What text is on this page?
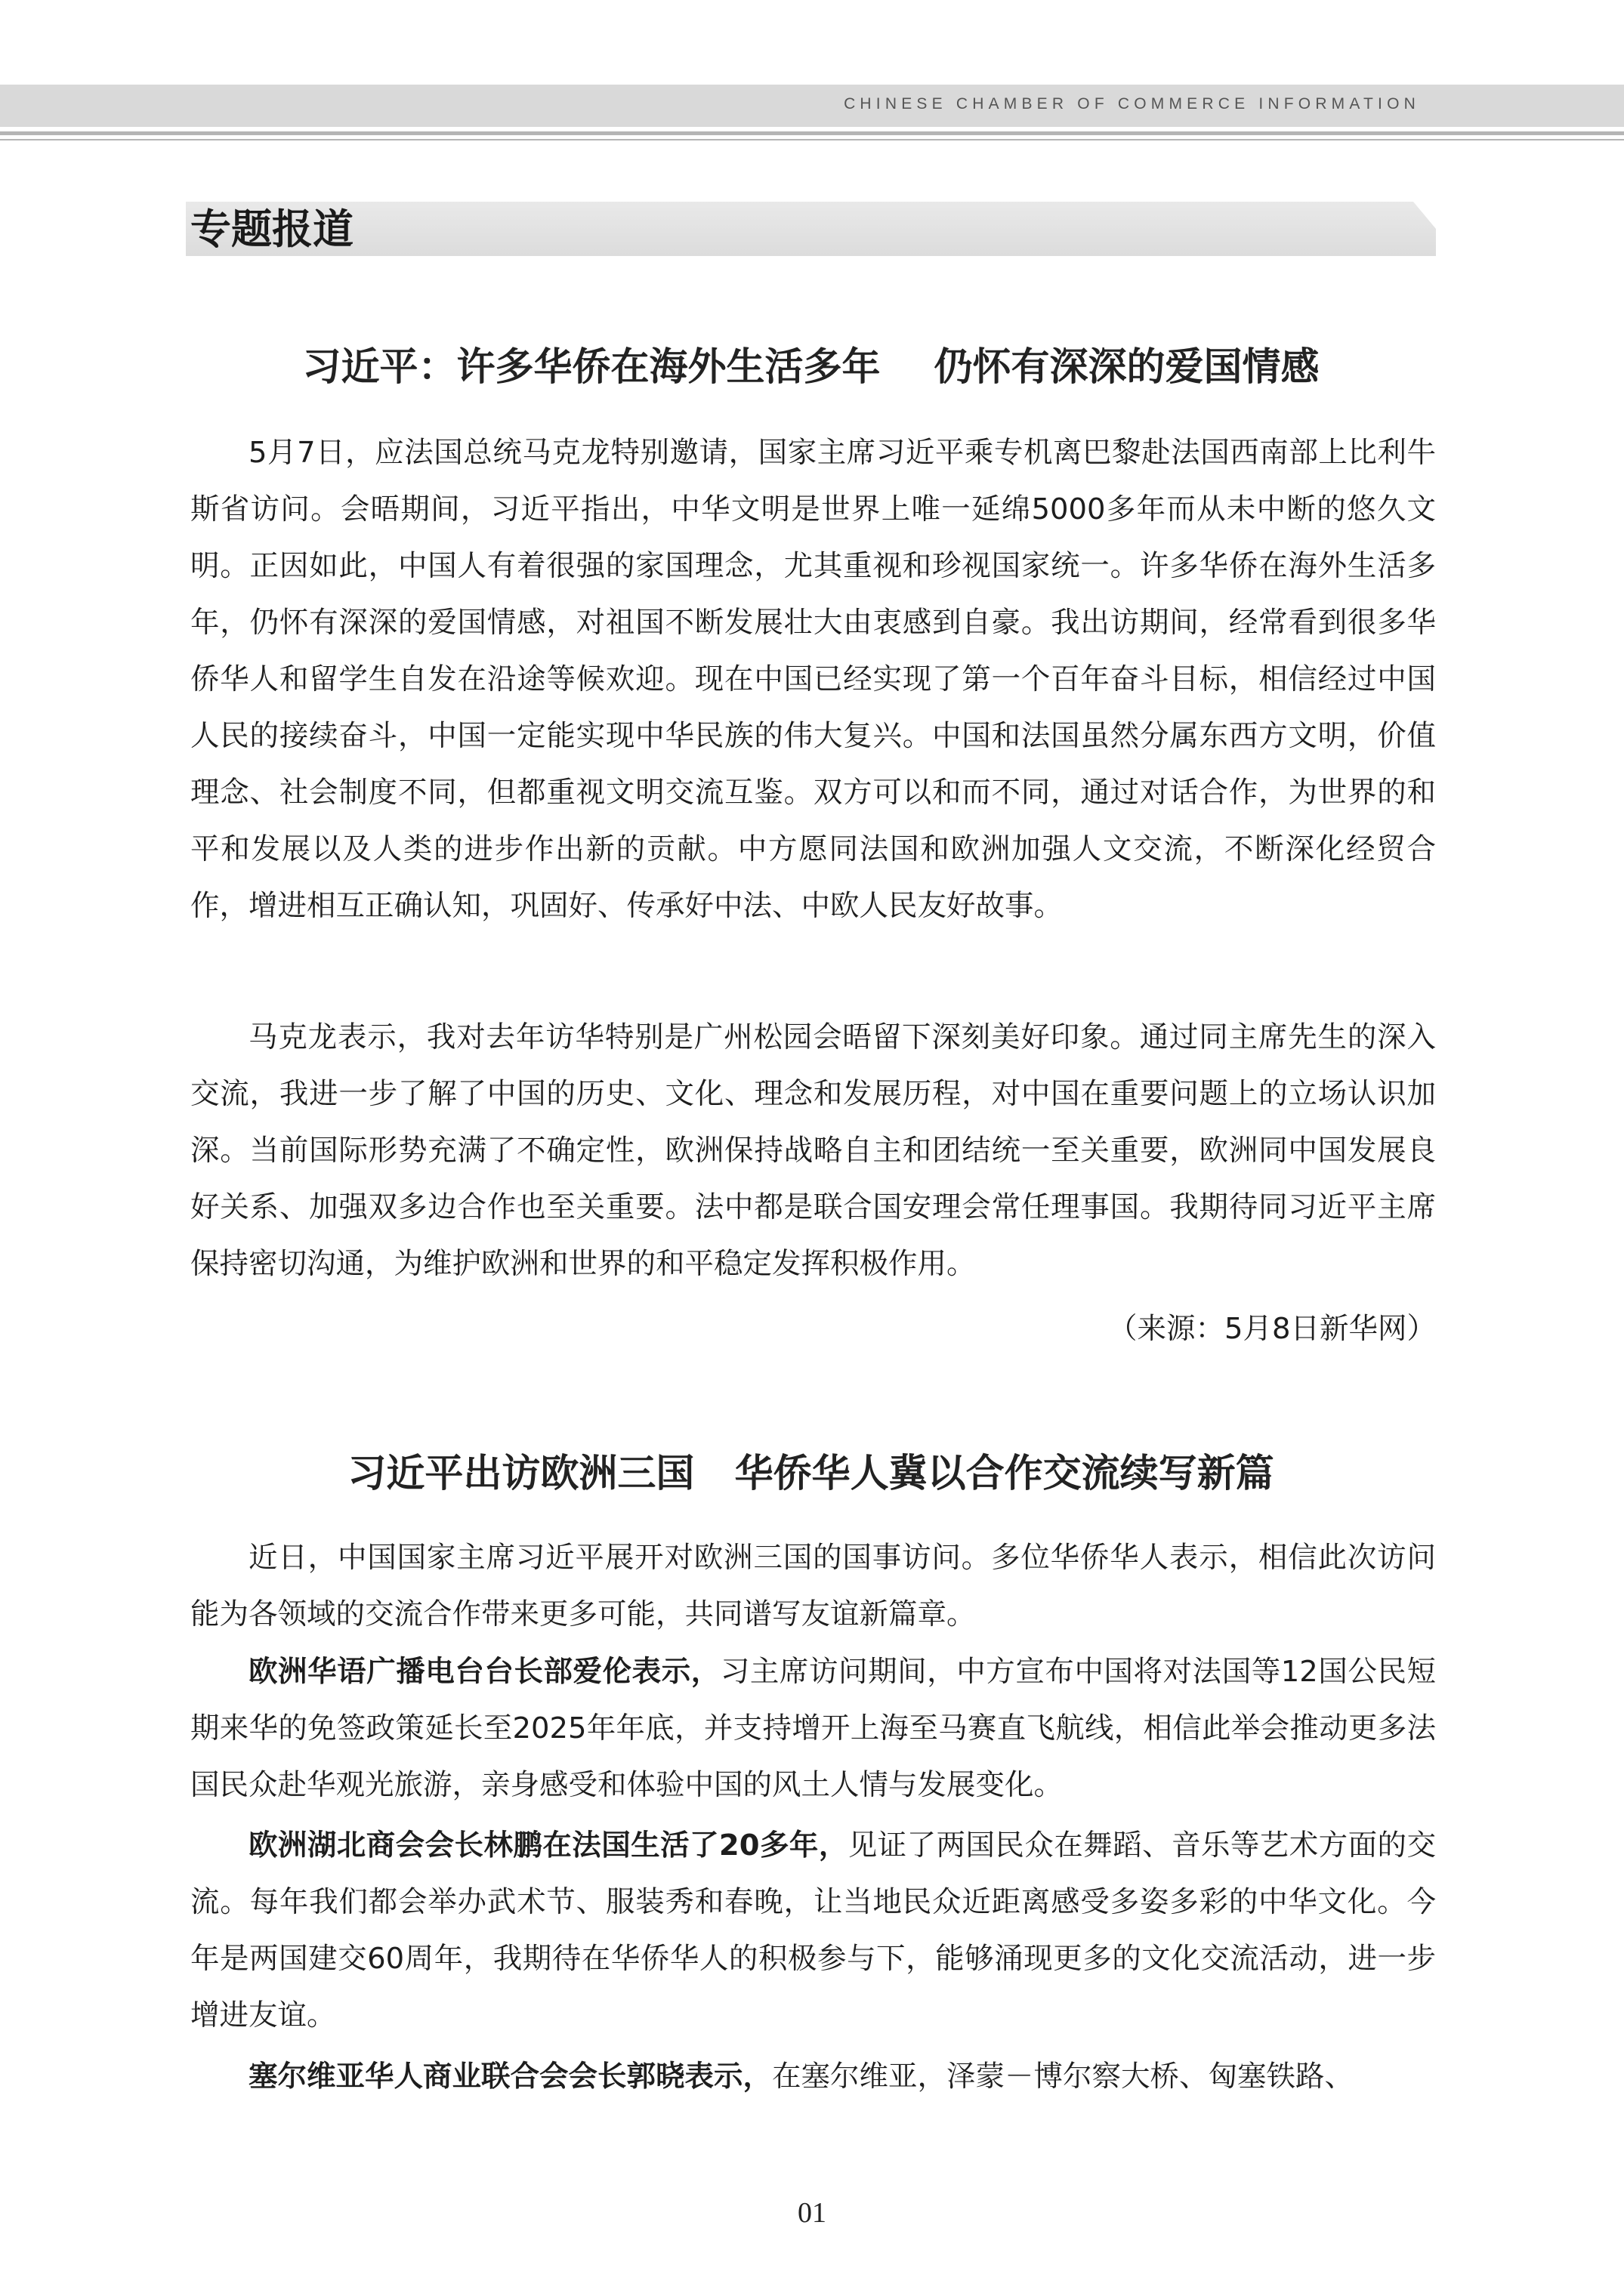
CHINESE CHAMBER OF COMMERCE INFORMATION
专题报道
习近平：许多华侨在海外生活多年    仍怀有深深的爱国情感

5月7日，应法国总统马克龙特别邀请，国家主席习近平乘专机离巴黎赴法国西南部上比利牛斯省访问。会晤期间，习近平指出，中华文明是世界上唯一延绵5000多年而从未中断的悠久文明。正因如此，中国人有着很强的家国理念，尤其重视和珍视国家统一。许多华侨在海外生活多年，仍怀有深深的爱国情感，对祖国不断发展壮大由衷感到自豪。我出访期间，经常看到很多华侨华人和留学生自发在沿途等候欢迎。现在中国已经实现了第一个百年奋斗目标，相信经过中国人民的接续奋斗，中国一定能实现中华民族的伟大复兴。中国和法国虽然分属东西方文明，价值理念、社会制度不同，但都重视文明交流互鉴。双方可以和而不同，通过对话合作，为世界的和平和发展以及人类的进步作出新的贡献。中方愿同法国和欧洲加强人文交流，不断深化经贸合作，增进相互正确认知，巩固好、传承好中法、中欧人民友好故事。

马克龙表示，我对去年访华特别是广州松园会晤留下深刻美好印象。通过同主席先生的深入交流，我进一步了解了中国的历史、文化、理念和发展历程，对中国在重要问题上的立场认识加深。当前国际形势充满了不确定性，欧洲保持战略自主和团结统一至关重要，欧洲同中国发展良好关系、加强双多边合作也至关重要。法中都是联合国安理会常任理事国。我期待同习近平主席保持密切沟通，为维护欧洲和世界的和平稳定发挥积极作用。

（来源：5月8日新华网）
习近平出访欧洲三国   华侨华人冀以合作交流续写新篇

近日，中国国家主席习近平展开对欧洲三国的国事访问。多位华侨华人表示，相信此次访问能为各领域的交流合作带来更多可能，共同谱写友谊新篇章。

欧洲华语广播电台台长部爱伦表示，习主席访问期间，中方宣布中国将对法国等12国公民短期来华的免签政策延长至2025年年底，并支持增开上海至马赛直飞航线，相信此举会推动更多法国民众赴华观光旅游，亲身感受和体验中国的风土人情与发展变化。

欧洲湖北商会会长林鹏在法国生活了20多年，见证了两国民众在舞蹈、音乐等艺术方面的交流。每年我们都会举办武术节、服装秀和春晚，让当地民众近距离感受多姿多彩的中华文化。今年是两国建交60周年，我期待在华侨华人的积极参与下，能够涌现更多的文化交流活动，进一步增进友谊。

塞尔维亚华人商业联合会会长郭晓表示，在塞尔维亚，泽蒙－博尔察大桥、匈塞铁路、

01
